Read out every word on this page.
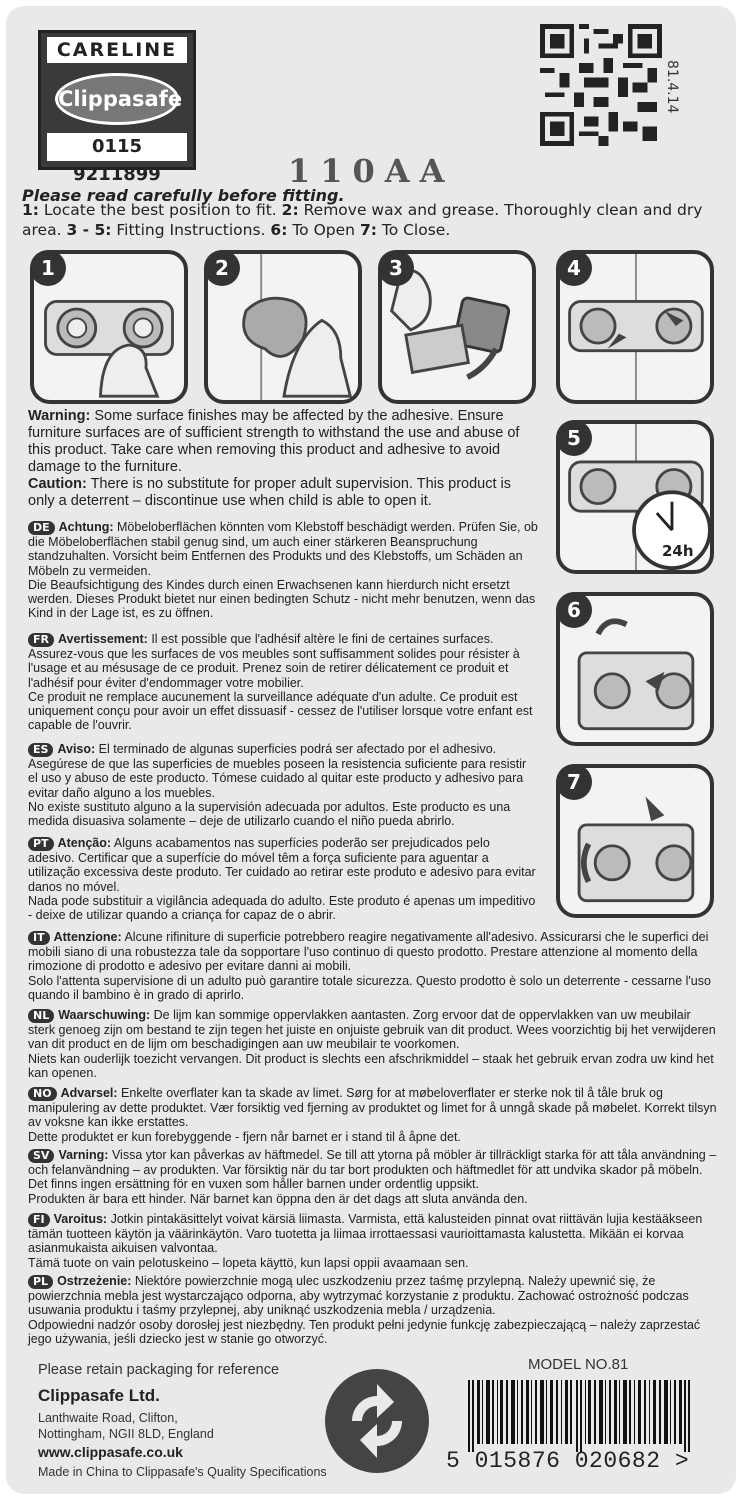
CARELINE
Clippasafe
0115 9211899
81.4.14
110AA
Please read carefully before fitting.
1: Locate the best position to fit. 2: Remove wax and grease. Thoroughly clean and dry area. 3 - 5: Fitting Instructions. 6: To Open 7: To Close.
1	2	3	4
5
24h
6
7
Warning: Some surface finishes may be affected by the adhesive. Ensure furniture surfaces are of sufficient strength to withstand the use and abuse of this product. Take care when removing this product and adhesive to avoid damage to the furniture.
Caution: There is no substitute for proper adult supervision. This product is only a deterrent – discontinue use when child is able to open it.
DE Achtung: Möbeloberflächen könnten vom Klebstoff beschädigt werden. Prüfen Sie, ob die Möbeloberflächen stabil genug sind, um auch einer stärkeren Beanspruchung standzuhalten. Vorsicht beim Entfernen des Produkts und des Klebstoffs, um Schäden an Möbeln zu vermeiden.
Die Beaufsichtigung des Kindes durch einen Erwachsenen kann hierdurch nicht ersetzt werden. Dieses Produkt bietet nur einen bedingten Schutz - nicht mehr benutzen, wenn das Kind in der Lage ist, es zu öffnen.
FR Avertissement: Il est possible que l'adhésif altère le fini de certaines surfaces. Assurez-vous que les surfaces de vos meubles sont suffisamment solides pour résister à l'usage et au mésusage de ce produit. Prenez soin de retirer délicatement ce produit et l'adhésif pour éviter d'endommager votre mobilier.
Ce produit ne remplace aucunement la surveillance adéquate d'un adulte. Ce produit est uniquement conçu pour avoir un effet dissuasif - cessez de l'utiliser lorsque votre enfant est capable de l'ouvrir.
ES Aviso: El terminado de algunas superficies podrá ser afectado por el adhesivo. Asegúrese de que las superficies de muebles poseen la resistencia suficiente para resistir el uso y abuso de este producto. Tómese cuidado al quitar este producto y adhesivo para evitar daño alguno a los muebles.
No existe sustituto alguno a la supervisión adecuada por adultos. Este producto es una medida disuasiva solamente – deje de utilizarlo cuando el niño pueda abrirlo.
PT Atenção: Alguns acabamentos nas superfícies poderão ser prejudicados pelo adesivo. Certificar que a superfície do móvel têm a força suficiente para aguentar a utilização excessiva deste produto. Ter cuidado ao retirar este produto e adesivo para evitar danos no móvel.
Nada pode substituir a vigilância adequada do adulto. Este produto é apenas um impeditivo - deixe de utilizar quando a criança for capaz de o abrir.
IT Attenzione: Alcune rifiniture di superficie potrebbero reagire negativamente all'adesivo. Assicurarsi che le superfici dei mobili siano di una robustezza tale da sopportare l'uso continuo di questo prodotto. Prestare attenzione al momento della rimozione di prodotto e adesivo per evitare danni ai mobili.
Solo l'attenta supervisione di un adulto può garantire totale sicurezza. Questo prodotto è solo un deterrente - cessarne l'uso quando il bambino è in grado di aprirlo.
NL Waarschuwing: De lijm kan sommige oppervlakken aantasten. Zorg ervoor dat de oppervlakken van uw meubilair sterk genoeg zijn om bestand te zijn tegen het juiste en onjuiste gebruik van dit product. Wees voorzichtig bij het verwijderen van dit product en de lijm om beschadigingen aan uw meubilair te voorkomen.
Niets kan ouderlijk toezicht vervangen. Dit product is slechts een afschrikmiddel – staak het gebruik ervan zodra uw kind het kan openen.
NO Advarsel: Enkelte overflater kan ta skade av limet. Sørg for at møbeloverflater er sterke nok til å tåle bruk og manipulering av dette produktet. Vær forsiktig ved fjerning av produktet og limet for å unngå skade på møbelet. Korrekt tilsyn av voksne kan ikke erstattes.
Dette produktet er kun forebyggende - fjern når barnet er i stand til å åpne det.
SV Varning: Vissa ytor kan påverkas av häftmedel. Se till att ytorna på möbler är tillräckligt starka för att tåla användning – och felanvändning – av produkten. Var försiktig när du tar bort produkten och häftmedlet för att undvika skador på möbeln. Det finns ingen ersättning för en vuxen som håller barnen under ordentlig uppsikt.
Produkten är bara ett hinder. När barnet kan öppna den är det dags att sluta använda den.
FI Varoitus: Jotkin pintakäsittelyt voivat kärsiä liimasta. Varmista, että kalusteiden pinnat ovat riittävän lujia kestääkseen tämän tuotteen käytön ja väärinkäytön. Varo tuotetta ja liimaa irrottaessasi vaurioittamasta kalustetta. Mikään ei korvaa asianmukaista aikuisen valvontaa.
Tämä tuote on vain pelotuskeino – lopeta käyttö, kun lapsi oppii avaamaan sen.
PL Ostrzeżenie: Niektóre powierzchnie mogą ulec uszkodzeniu przez taśmę przylepną. Należy upewnić się, że powierzchnia mebla jest wystarczająco odporna, aby wytrzymać korzystanie z produktu. Zachować ostrożność podczas usuwania produktu i taśmy przylepnej, aby uniknąć uszkodzenia mebla / urządzenia.
Odpowiedni nadzór osoby dorosłej jest niezbędny. Ten produkt pełni jedynie funkcję zabezpieczającą – należy zaprzestać jego używania, jeśli dziecko jest w stanie go otworzyć.
Please retain packaging for reference
Clippasafe Ltd.
Lanthwaite Road, Clifton,
Nottingham, NGII 8LD, England
www.clippasafe.co.uk
Made in China to Clippasafe's Quality Specifications
MODEL NO.81
5 015876 020682 >
